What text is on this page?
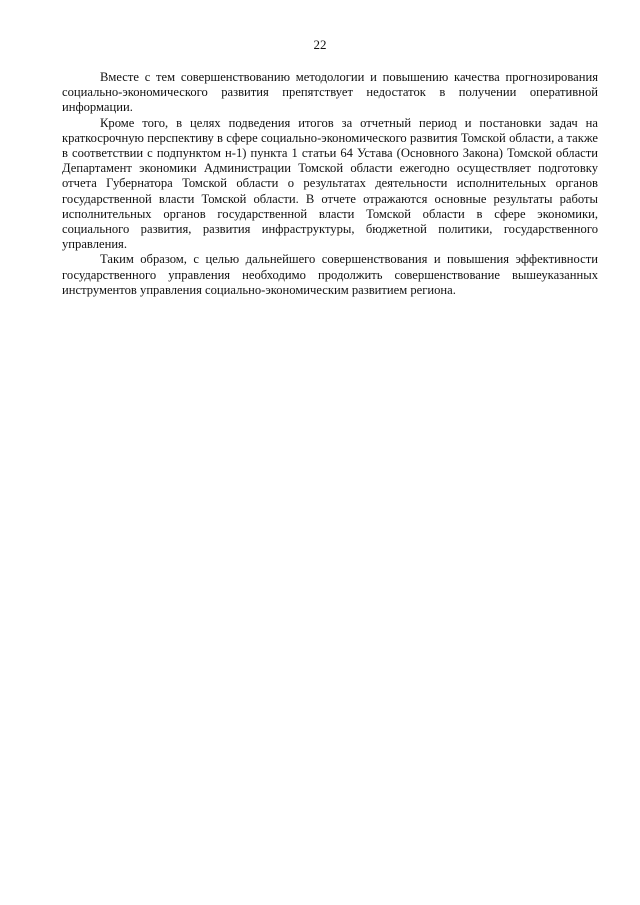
22

Вместе с тем совершенствованию методологии и повышению качества прогнозирования социально-экономического развития препятствует недостаток в получении оперативной информации.

Кроме того, в целях подведения итогов за отчетный период и постановки задач на краткосрочную перспективу в сфере социально-экономического развития Томской области, а также в соответствии с подпунктом н-1) пункта 1 статьи 64 Устава (Основного Закона) Томской области Департамент экономики Администрации Томской области ежегодно осуществляет подготовку отчета Губернатора Томской области о результатах деятельности исполнительных органов государственной власти Томской области. В отчете отражаются основные результаты работы исполнительных органов государственной власти Томской области в сфере экономики, социального развития, развития инфраструктуры, бюджетной политики, государственного управления.

Таким образом, с целью дальнейшего совершенствования и повышения эффективности государственного управления необходимо продолжить совершенствование вышеуказанных инструментов управления социально-экономическим развитием региона.
